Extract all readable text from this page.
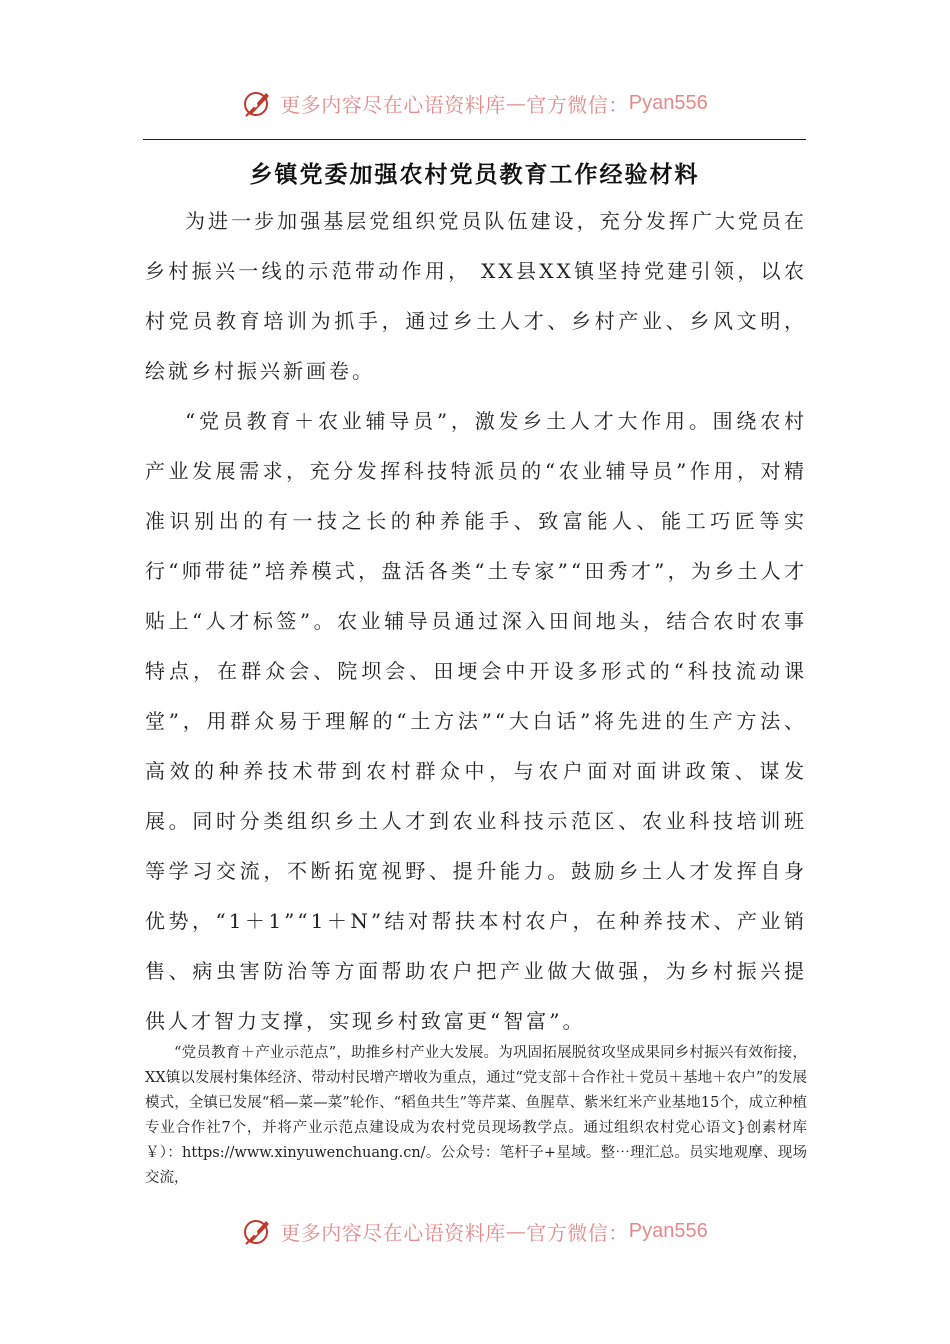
更多内容尽在心语资料库 — 官方微信： Pyan556
乡镇党委加强农村党员教育工作经验材料

为进一步加强基层党组织党员队伍建设，充分发挥广大党员在乡村振兴一线的示范带动作用， XX县XX镇坚持党建引领，以农村党员教育培训为抓手，通过乡土人才、乡村产业、乡风文明，绘就乡村振兴新画卷。

“党员教育＋农业辅导员”，激发乡土人才大作用。围绕农村产业发展需求，充分发挥科技特派员的“农业辅导员”作用，对精准识别出的有一技之长的种养能手、致富能人、能工巧匠等实行“师带徒”培养模式，盘活各类“土专家”“田秀才”，为乡土人才贴上“人才标签”。农业辅导员通过深入田间地头，结合农时农事特点，在群众会、院坝会、田埂会中开设多形式的“科技流动课堂”，用群众易于理解的“土方法”“大白话”将先进的生产方法、高效的种养技术带到农村群众中，与农户面对面讲政策、谋发展。同时分类组织乡土人才到农业科技示范区、农业科技培训班等学习交流，不断拓宽视野、提升能力。鼓励乡土人才发挥自身优势，“1＋1”“1＋N”结对帮扶本村农户，在种养技术、产业销售、病虫害防治等方面帮助农户把产业做大做强，为乡村振兴提供人才智力支撑，实现乡村致富更“智富”。

“党员教育＋产业示范点”，助推乡村产业大发展。为巩固拓展脱贫攻坚成果同乡村振兴有效衔接，XX镇以发展村集体经济、带动村民增产增收为重点，通过“党支部＋合作社＋党员＋基地＋农户”的发展模式，全镇已发展“稻—菜—菜”轮作、“稻鱼共生”等芹菜、鱼腥草、紫米红米产业基地15个，成立种植专业合作社7个，并将产业示范点建设成为农村党员现场教学点。通过组织农村党心语文}创素材库￥）：https://www.xinyuwenchuang.cn/。公众号：笔杆子+星域。整⋯理汇总。员实地观摩、现场交流，

更多内容尽在心语资料库 — 官方微信： Pyan556
